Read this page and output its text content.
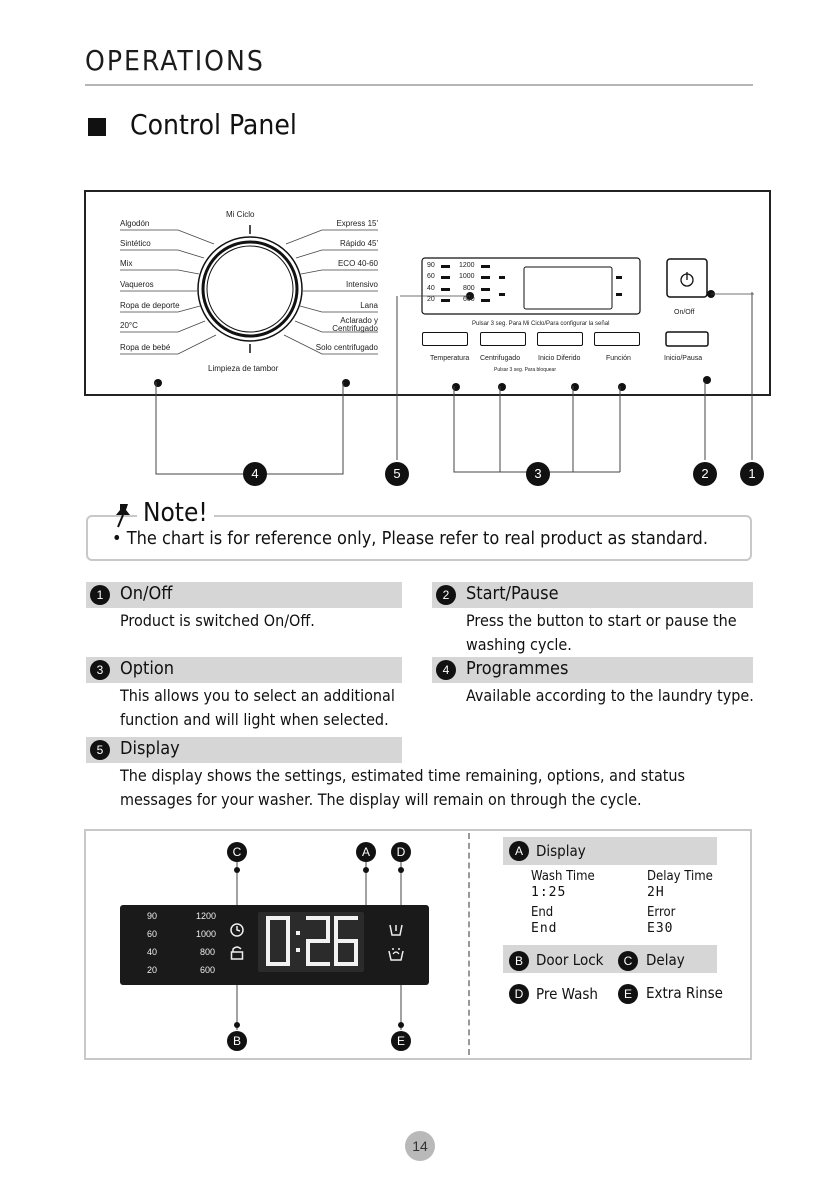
OPERATIONS
Control Panel
Mi Ciclo
Limpieza de tambor
Algodón
Sintético
Mix
Vaqueros
Ropa de deporte
20°C
Ropa de bebé
Express 15'
Rápido 45'
ECO 40-60
Intensivo
Lana
Aclarado y
Centrifugado
Solo centrifugado
90
60
40
20
1200
1000
800
600
Pulsar 3 seg. Para Mi Ciclo/Para configurar la señal
Temperatura Centrifugado	Inicio Diferido	Función
Pulsar 3 seg. Para bloquear
On/Off
Inicio/Pausa
4	5	3	2	1
Note!
• The chart is for reference only, Please refer to real product as standard.
1 On/Off
Product is switched On/Off.
2 Start/Pause
Press the button to start or pause the washing cycle.
3 Option
This allows you to select an additional function and will light when selected.
4 Programmes
Available according to the laundry type.
5 Display
The display shows the settings, estimated time remaining, options, and status messages for your washer. The display will remain on through the cycle.
C	A	D
B	E
90
60
40
20
1200
1000
800
600
A Display
Wash Time
1:25
Delay Time
2H
End
End
Error
E30
B Door Lock	C Delay
D Pre Wash	E Extra Rinse
14
